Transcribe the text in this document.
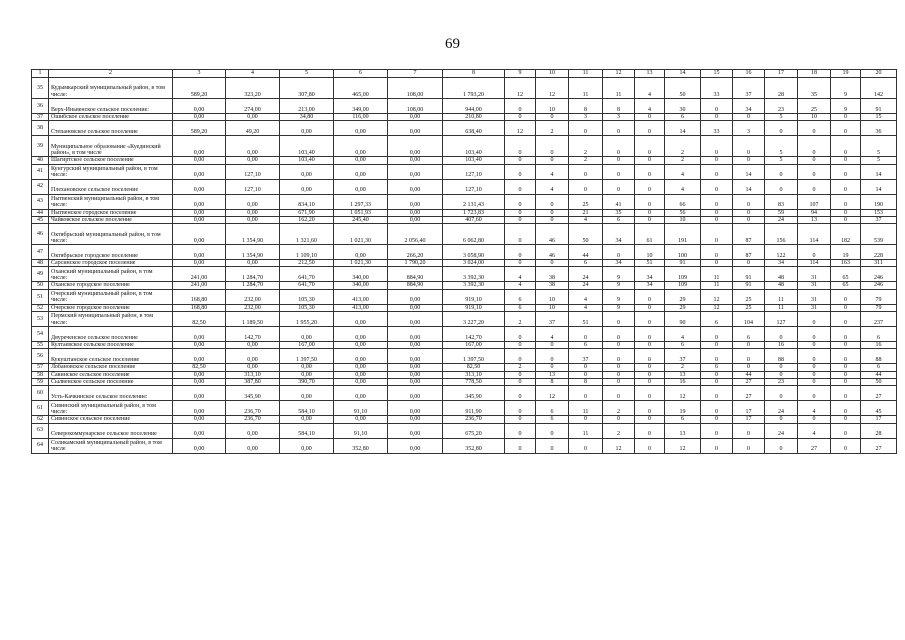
69
1	2	3	4	5	6	7	8	9	10	11	12	13	14	15	16	17	18	19	20
35	Кудымкарский муниципальный район, в том числе:	589,20	323,20	307,80	465,00	108,00	1 793,20	12	12	11	11	4	50	33	37	28	35	9	142
36	Верх-Иньвенское сельское поселение:	0,00	274,00	213,00	349,00	108,00	944,00	0	10	8	8	4	30	0	34	23	25	9	91
37	Ошибское сельское поселение	0,00	0,00	34,80	116,00	0,00	210,80	0	0	3	3	0	6	0	0	5	10	0	15
38	Степановское сельское поселение	589,20	49,20	0,00	0,00	0,00	638,40	12	2	0	0	0	14	33	3	0	0	0	36
39	Муниципальное образование «Куединский район», в том числе	0,00	0,00	103,40	0,00	0,00	103,40	0	0	2	0	0	2	0	0	5	0	0	5
40	Шагиртское сельское поселение	0,00	0,00	103,40	0,00	0,00	103,40	0	0	2	0	0	2	0	0	5	0	0	5
41	Кунгурский муниципальный район, в том числе:	0,00	127,10	0,00	0,00	0,00	127,10	0	4	0	0	0	4	0	14	0	0	0	14
42	Плехановское сельское поселение	0,00	127,10	0,00	0,00	0,00	127,10	0	4	0	0	0	4	0	14	0	0	0	14
43	Нытвенский муниципальный район, в том числе:	0,00	0,00	834,10	1 297,33	0,00	2 131,43	0	0	25	41	0	66	0	0	83	107	0	190
44	Нытвенское городское поселение	0,00	0,00	671,90	1 051,93	0,00	1 723,83	0	0	21	35	0	56	0	0	59	94	0	153
45	Чайковское сельское поселение	0,00	0,00	162,20	245,40	0,00	407,60	0	0	4	6	0	10	0	0	24	13	0	37
46	Октябрьский муниципальный район, в том числе:	0,00	1 354,90	1 321,60	1 021,30	2 056,40	6 062,80	0	46	50	34	61	191	0	87	156	114	182	539
47	Октябрьское городское поселение	0,00	1 354,90	1 109,10	0,00	266,20	3 058,90	0	46	44	0	10	100	0	87	122	0	19	228
48	Сарсинское городское поселение	0,00	0,00	212,50	1 021,30	1 790,20	3 024,00	0	0	6	34	51	91	0	0	34	114	163	311
49	Оханский муниципальный район, в том числе:	241,00	1 284,70	641,70	340,00	884,90	3 392,30	4	38	24	9	34	109	11	91	48	31	65	246
50	Оханское городское поселение	241,00	1 284,70	641,70	340,00	884,90	3 392,30	4	38	24	9	34	109	11	91	48	31	65	246
51	Очерский муниципальный район, в том числе:	168,80	232,00	105,30	413,00	0,00	919,10	6	10	4	9	0	29	12	25	11	31	0	79
52	Очерское городское поселение	168,80	232,00	105,30	413,00	0,00	919,10	6	10	4	9	0	29	12	25	11	31	0	79
53	Пермский муниципальный район, в том числе:	82,50	1 189,50	1 955,20	0,00	0,00	3 227,20	2	37	51	0	0	90	6	104	127	0	0	237
54	Двуреченское сельское поселение	0,00	142,70	0,00	0,00	0,00	142,70	0	4	0	0	0	4	0	6	0	0	0	6
55	Култаевское сельское поселение	0,00	0,00	167,00	0,00	0,00	167,00	0	0	6	0	0	6	0	0	16	0	0	16
56	Кукуштанское сельское поселение	0,00	0,00	1 397,50	0,00	0,00	1 397,50	0	0	37	0	0	37	0	0	88	0	0	88
57	Лобановское сельское поселение	82,50	0,00	0,00	0,00	0,00	82,50	2	0	0	0	0	2	6	0	0	0	0	6
58	Савинское сельское поселение	0,00	313,10	0,00	0,00	0,00	313,10	0	13	0	0	0	13	0	44	0	0	0	44
59	Сылвенское сельское поселение	0,00	387,80	390,70	0,00	0,00	778,50	0	8	8	0	0	16	0	27	23	0	0	50
60	Усть-Качкинское сельское поселение:	0,00	345,90	0,00	0,00	0,00	345,90	0	12	0	0	0	12	0	27	0	0	0	27
61	Сивинский муниципальный район, в том числе:	0,00	236,70	584,10	91,10	0,00	911,90	0	6	11	2	0	19	0	17	24	4	0	45
62	Сивинское сельское поселение	0,00	236,70	0,00	0,00	0,00	236,70	0	6	0	0	0	6	0	17	0	0	0	17
63	Северокоммунарское сельское поселение	0,00	0,00	584,10	91,10	0,00	675,20	0	0	11	2	0	13	0	0	24	4	0	28
64	Соликамский муниципальный район, в том числе	0,00	0,00	0,00	352,80	0,00	352,80	0	0	0	12	0	12	0	0	0	27	0	27
